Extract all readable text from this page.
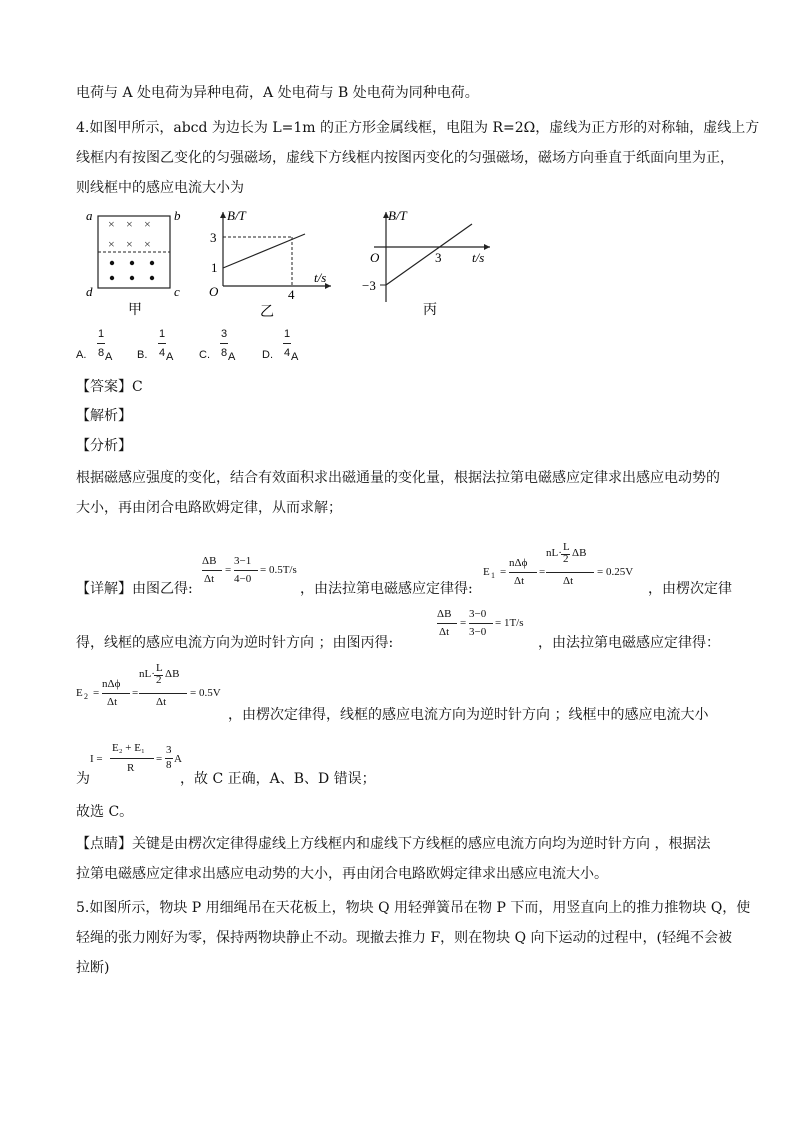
电荷与 A 处电荷为异种电荷，A 处电荷与 B 处电荷为同种电荷。
4.如图甲所示，abcd 为边长为 L=1m 的正方形金属线框，电阻为 R=2Ω，虚线为正方形的对称轴，虚线上方
线框内有按图乙变化的匀强磁场，虚线下方线框内按图丙变化的匀强磁场，磁场方向垂直于纸面向里为正，
则线框中的感应电流大小为
× × ×
× × ×
a	b
c
d
甲
B/T
t/s
3
1
O	4
乙
B/T
t/s
O	3
−3
丙
A.
1
8 A B.
1
4 A C.
3
8 A D.
1
4 A
【答案】C
【解析】
【分析】
根据磁感应强度的变化，结合有效面积求出磁通量的变化量，根据法拉第电磁感应定律求出感应电动势的
大小，再由闭合电路欧姆定律，从而求解；
【详解】由图乙得:
ΔB
Δt
=
3−1
4−0
= 0.5T/s
，由法拉第电磁感应定律得:
E 1 =
nΔϕ
Δt
=
L
2
nL· ΔB
Δt
= 0.25V
，由楞次定律
得，线框的感应电流方向为逆时针方向 ；由图丙得:
ΔB
Δt
=
3−0
3−0
= 1T/s
，由法拉第电磁感应定律得：
E 2 =
nΔϕ
Δt
=
L
2
nL· ΔB
Δt
= 0.5V
，由楞次定律得，线框的感应电流方向为逆时针方向 ；线框中的感应电流大小
为
I =
E₂ + E₁
R
=
3
8 A
，故 C 正确，A、B、D 错误；
故选 C。
【点睛】关键是由楞次定律得虚线上方线框内和虚线下方线框的感应电流方向均为逆时针方向 ，根据法
拉第电磁感应定律求出感应电动势的大小，再由闭合电路欧姆定律求出感应电流大小。
5.如图所示，物块 P 用细绳吊在天花板上，物块 Q 用轻弹簧吊在物 P 下而，用竖直向上的推力推物块 Q，使
轻绳的张力刚好为零，保持两物块静止不动。现撤去推力 F，则在物块 Q 向下运动的过程中，(轻绳不会被
拉断)
